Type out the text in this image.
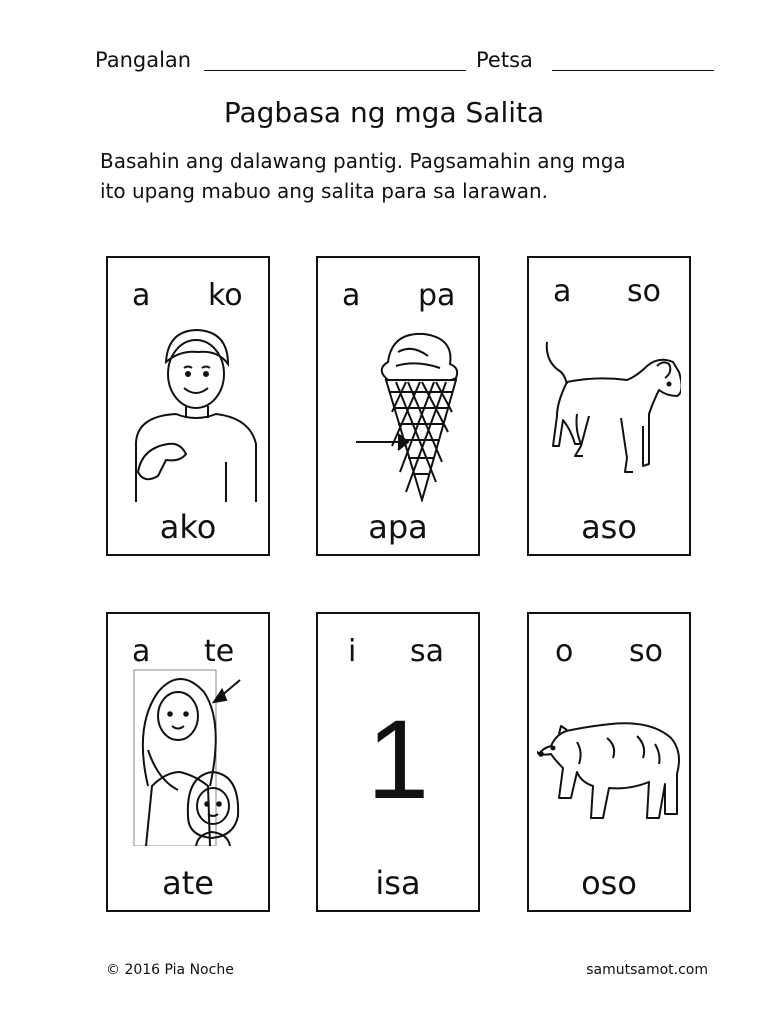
Pangalan	Petsa
Pagbasa ng mga Salita
Basahin ang dalawang pantig. Pagsamahin ang mga
ito upang mabuo ang salita para sa larawan.
a ko
ako
a pa
apa
a so
aso
a te
ate
i sa
1
isa
o so
oso
© 2016 Pia Noche	samutsamot.com
